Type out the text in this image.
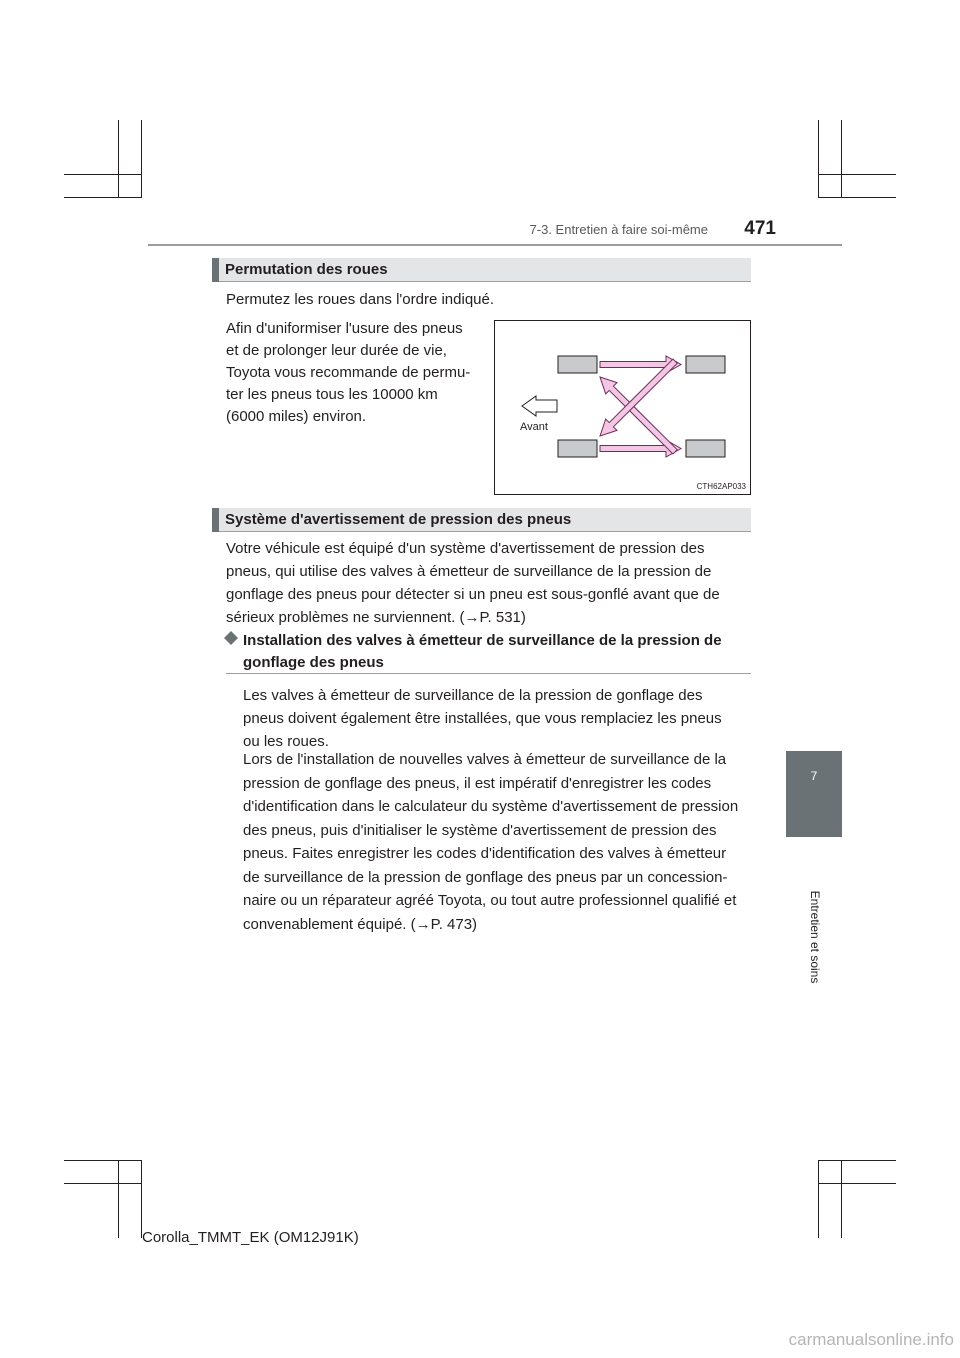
7-3. Entretien à faire soi-même	471
7
Entretien et soins
Permutation des roues
Permutez les roues dans l'ordre indiqué.
Afin d'uniformiser l'usure des pneus
et de prolonger leur durée de vie,
Toyota vous recommande de permu-
ter les pneus tous les 10000 km
(6000 miles) environ.
Avant
CTH62AP033
Système d'avertissement de pression des pneus
Votre véhicule est équipé d'un système d'avertissement de pression des
pneus, qui utilise des valves à émetteur de surveillance de la pression de
gonflage des pneus pour détecter si un pneu est sous-gonflé avant que de
sérieux problèmes ne surviennent. (→P. 531)
Installation des valves à émetteur de surveillance de la pression de
gonflage des pneus
Les valves à émetteur de surveillance de la pression de gonflage des
pneus doivent également être installées, que vous remplaciez les pneus
ou les roues.
Lors de l'installation de nouvelles valves à émetteur de surveillance de la
pression de gonflage des pneus, il est impératif d'enregistrer les codes
d'identification dans le calculateur du système d'avertissement de pression
des pneus, puis d'initialiser le système d'avertissement de pression des
pneus. Faites enregistrer les codes d'identification des valves à émetteur
de surveillance de la pression de gonflage des pneus par un concession-
naire ou un réparateur agréé Toyota, ou tout autre professionnel qualifié et
convenablement équipé. (→P. 473)
Corolla_TMMT_EK (OM12J91K)
carmanualsonline.info
